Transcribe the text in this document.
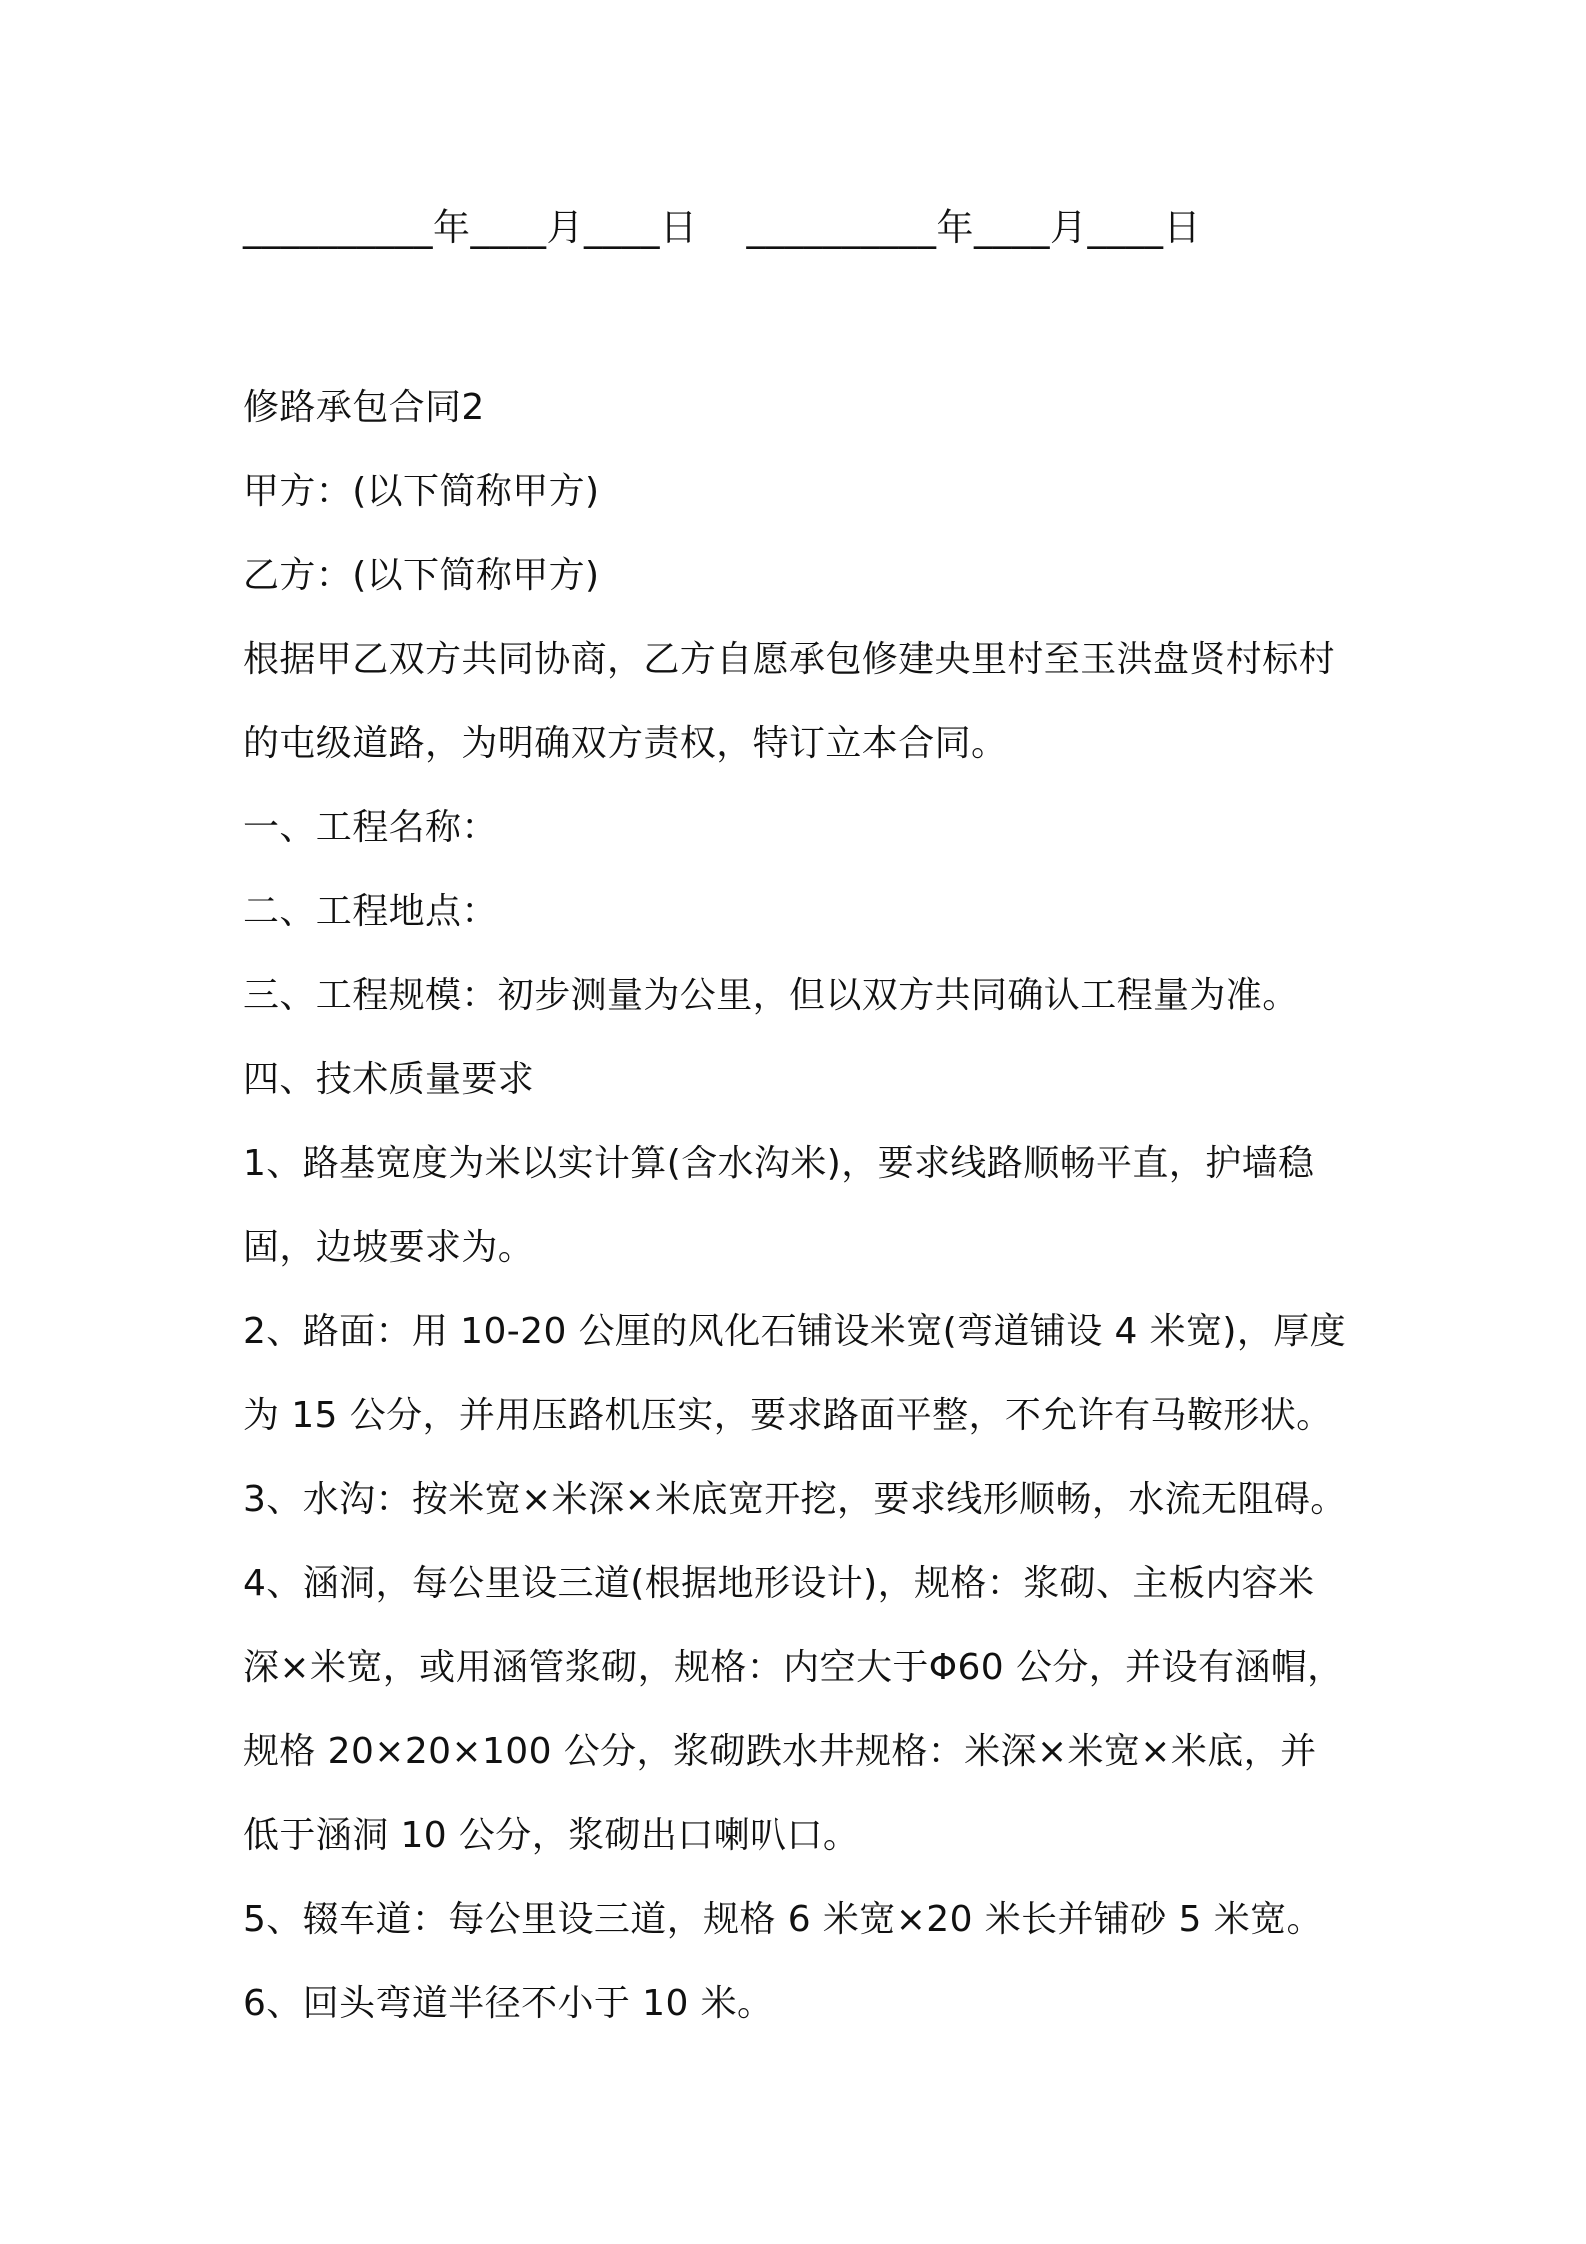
__________年____月____日    __________年____月____日
修路承包合同2
甲方：(以下简称甲方)
乙方：(以下简称甲方)
根据甲乙双方共同协商，乙方自愿承包修建央里村至玉洪盘贤村标村
的屯级道路，为明确双方责权，特订立本合同。
一、工程名称：
二、工程地点：
三、工程规模：初步测量为公里，但以双方共同确认工程量为准。
四、技术质量要求
1、路基宽度为米以实计算(含水沟米)，要求线路顺畅平直，护墙稳
固，边坡要求为。
2、路面：用 10-20 公厘的风化石铺设米宽(弯道铺设 4 米宽)，厚度
为 15 公分，并用压路机压实，要求路面平整，不允许有马鞍形状。
3、水沟：按米宽×米深×米底宽开挖，要求线形顺畅，水流无阻碍。
4、涵洞，每公里设三道(根据地形设计)，规格：浆砌、主板内容米
深×米宽，或用涵管浆砌，规格：内空大于Φ60 公分，并设有涵帽，
规格 20×20×100 公分，浆砌跌水井规格：米深×米宽×米底，并
低于涵洞 10 公分，浆砌出口喇叭口。
5、辍车道：每公里设三道，规格 6 米宽×20 米长并铺砂 5 米宽。
6、回头弯道半径不小于 10 米。
